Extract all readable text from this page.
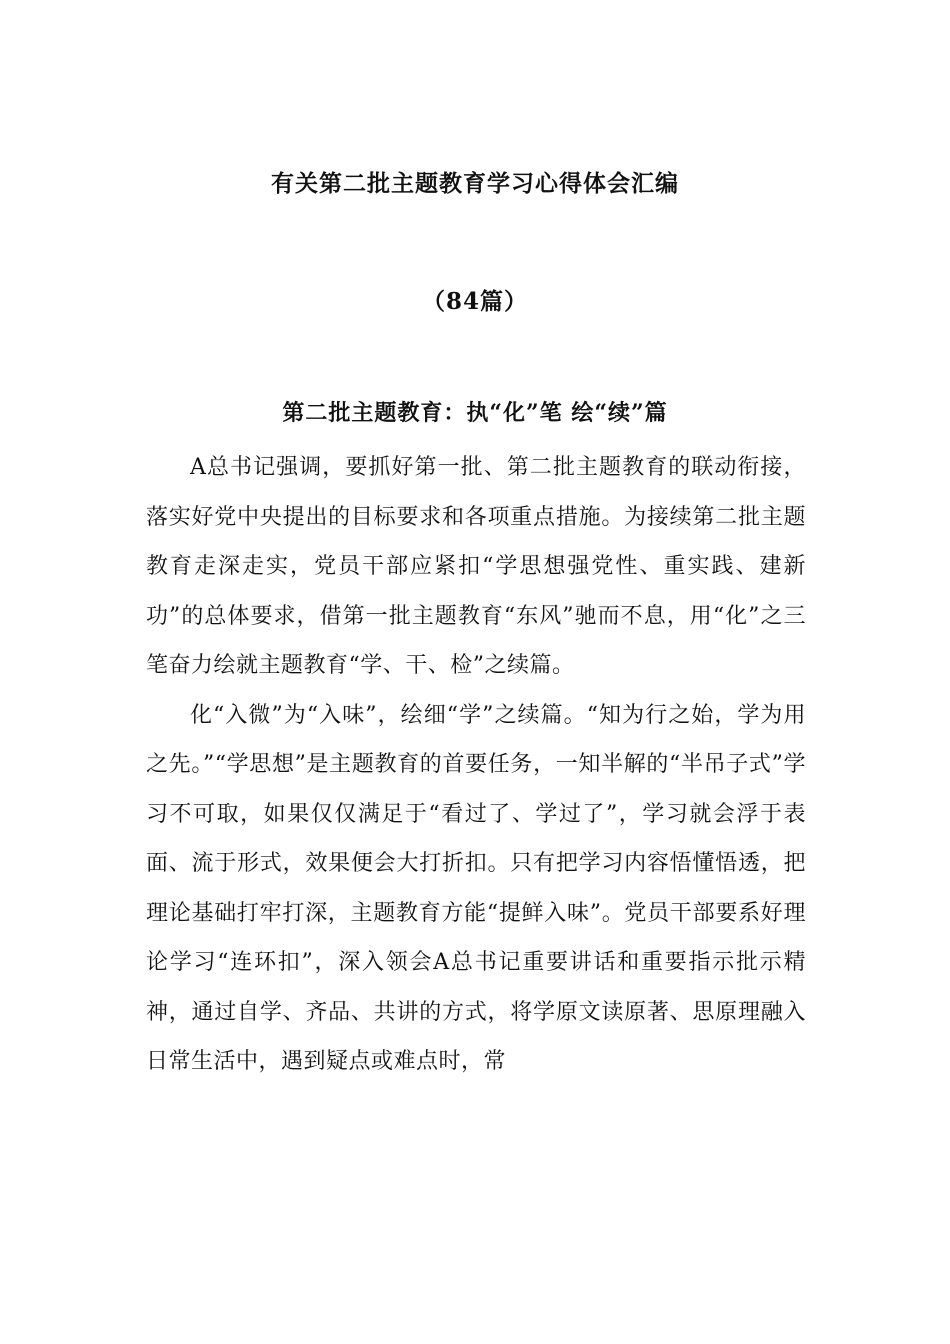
有关第二批主题教育学习心得体会汇编
（84篇）
第二批主题教育：执“化”笔 绘“续”篇

A总书记强调，要抓好第一批、第二批主题教育的联动衔接，落实好党中央提出的目标要求和各项重点措施。为接续第二批主题教育走深走实，党员干部应紧扣“学思想强党性、重实践、建新功”的总体要求，借第一批主题教育“东风”驰而不息，用“化”之三笔奋力绘就主题教育“学、干、检”之续篇。

化“入微”为“入味”，绘细“学”之续篇。“知为行之始，学为用之先。”“学思想”是主题教育的首要任务，一知半解的“半吊子式”学习不可取，如果仅仅满足于“看过了、学过了”，学习就会浮于表面、流于形式，效果便会大打折扣。只有把学习内容悟懂悟透，把理论基础打牢打深，主题教育方能“提鲜入味”。党员干部要系好理论学习“连环扣”，深入领会A总书记重要讲话和重要指示批示精神，通过自学、齐品、共讲的方式，将学原文读原著、思原理融入日常生活中，遇到疑点或难点时，常
